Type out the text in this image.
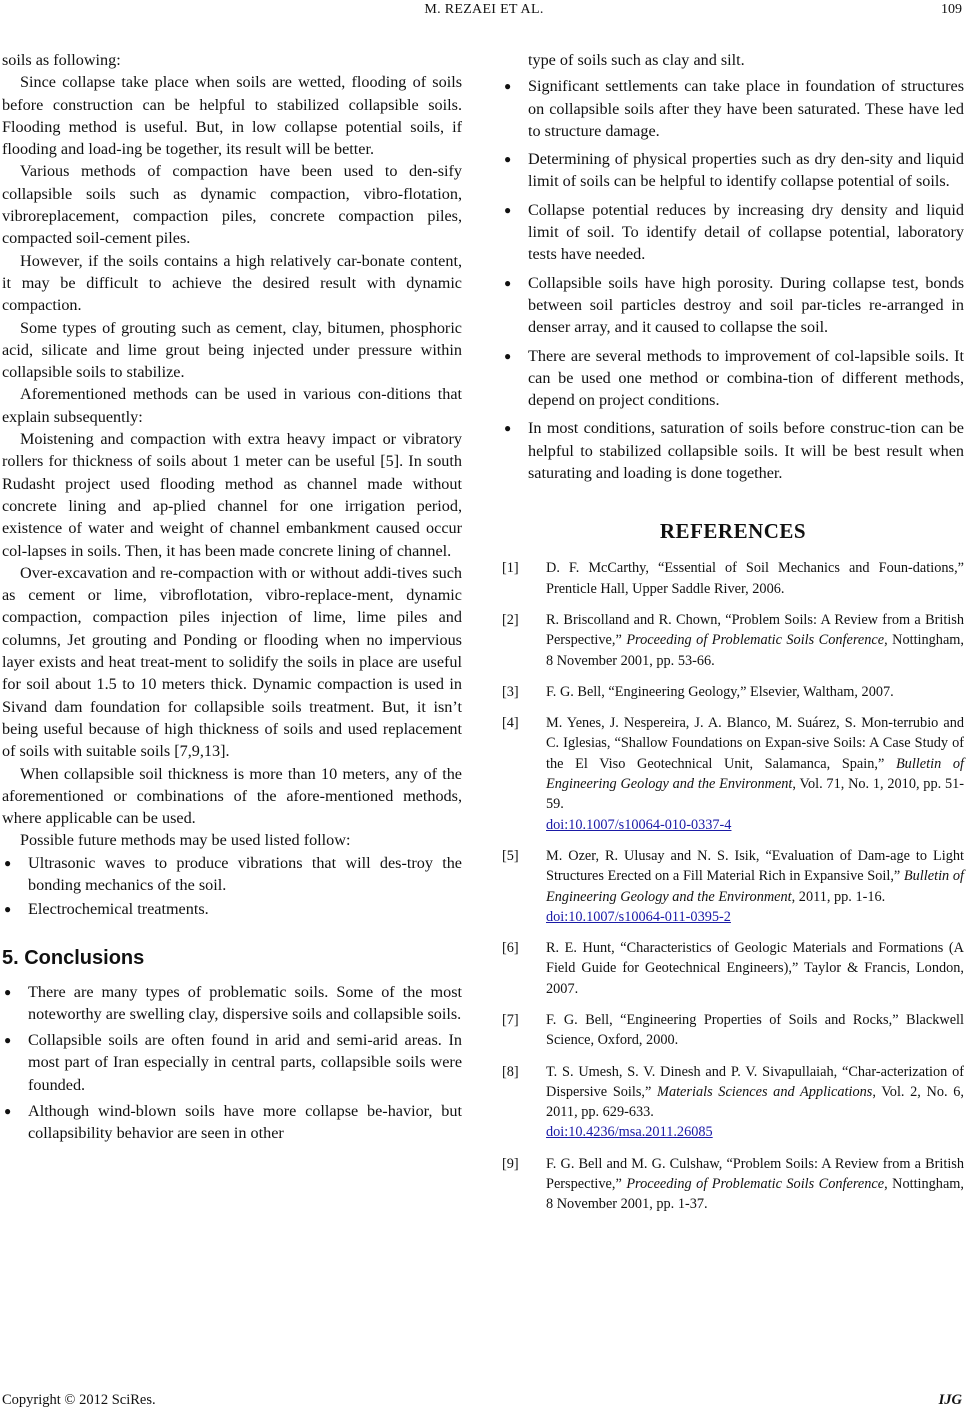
M. REZAEI ET AL.	109

soils as following:

Since collapse take place when soils are wetted, flooding of soils before construction can be helpful to stabilized collapsible soils. Flooding method is useful. But, in low collapse potential soils, if flooding and load-ing be together, its result will be better.

Various methods of compaction have been used to den-sify collapsible soils such as dynamic compaction, vibro-flotation, vibroreplacement, compaction piles, concrete compaction piles, compacted soil-cement piles.

However, if the soils contains a high relatively car-bonate content, it may be difficult to achieve the desired result with dynamic compaction.

Some types of grouting such as cement, clay, bitumen, phosphoric acid, silicate and lime grout being injected under pressure within collapsible soils to stabilize.

Aforementioned methods can be used in various con-ditions that explain subsequently:

Moistening and compaction with extra heavy impact or vibratory rollers for thickness of soils about 1 meter can be useful [5]. In south Rudasht project used flooding method as channel made without concrete lining and ap-plied channel for one irrigation period, existence of water and weight of channel embankment caused occur col-lapses in soils. Then, it has been made concrete lining of channel.

Over-excavation and re-compaction with or without addi-tives such as cement or lime, vibroflotation, vibro-replace-ment, dynamic compaction, compaction piles injection of lime, lime piles and columns, Jet grouting and Ponding or flooding when no impervious layer exists and heat treat-ment to solidify the soils in place are useful for soil about 1.5 to 10 meters thick. Dynamic compaction is used in Sivand dam foundation for collapsible soils treatment. But, it isn’t being useful because of high thickness of soils and used replacement of soils with suitable soils [7,9,13].

When collapsible soil thickness is more than 10 meters, any of the aforementioned or combinations of the afore-mentioned methods, where applicable can be used.

Possible future methods may be used listed follow:

● Ultrasonic waves to produce vibrations that will des-troy the bonding mechanics of the soil.
● Electrochemical treatments.
5. Conclusions
● There are many types of problematic soils. Some of the most noteworthy are swelling clay, dispersive soils and collapsible soils.
● Collapsible soils are often found in arid and semi-arid areas. In most part of Iran especially in central parts, collapsible soils were founded.
● Although wind-blown soils have more collapse be-havior, but collapsibility behavior are seen in other

type of soils such as clay and silt.

● Significant settlements can take place in foundation of structures on collapsible soils after they have been saturated. These have led to structure damage.
● Determining of physical properties such as dry den-sity and liquid limit of soils can be helpful to identify collapse potential of soils.
● Collapse potential reduces by increasing dry density and liquid limit of soil. To identify detail of collapse potential, laboratory tests have needed.
● Collapsible soils have high porosity. During collapse test, bonds between soil particles destroy and soil par-ticles re-arranged in denser array, and it caused to collapse the soil.
● There are several methods to improvement of col-lapsible soils. It can be used one method or combina-tion of different methods, depend on project conditions.
● In most conditions, saturation of soils before construc-tion can be helpful to stabilized collapsible soils. It will be best result when saturating and loading is done together.
REFERENCES
[1] D. F. McCarthy, “Essential of Soil Mechanics and Foun-dations,” Prenticle Hall, Upper Saddle River, 2006.
[2] R. Briscolland and R. Chown, “Problem Soils: A Review from a British Perspective,” Proceeding of Problematic Soils Conference, Nottingham, 8 November 2001, pp. 53-66.
[3] F. G. Bell, “Engineering Geology,” Elsevier, Waltham, 2007.
[4] M. Yenes, J. Nespereira, J. A. Blanco, M. Suárez, S. Mon-terrubio and C. Iglesias, “Shallow Foundations on Expan-sive Soils: A Case Study of the El Viso Geotechnical Unit, Salamanca, Spain,” Bulletin of Engineering Geology and the Environment, Vol. 71, No. 1, 2010, pp. 51-59.
doi:10.1007/s10064-010-0337-4
[5] M. Ozer, R. Ulusay and N. S. Isik, “Evaluation of Dam-age to Light Structures Erected on a Fill Material Rich in Expansive Soil,” Bulletin of Engineering Geology and the Environment, 2011, pp. 1-16.
doi:10.1007/s10064-011-0395-2
[6] R. E. Hunt, “Characteristics of Geologic Materials and Formations (A Field Guide for Geotechnical Engineers),” Taylor & Francis, London, 2007.
[7] F. G. Bell, “Engineering Properties of Soils and Rocks,” Blackwell Science, Oxford, 2000.
[8] T. S. Umesh, S. V. Dinesh and P. V. Sivapullaiah, “Char-acterization of Dispersive Soils,” Materials Sciences and Applications, Vol. 2, No. 6, 2011, pp. 629-633.
doi:10.4236/msa.2011.26085
[9] F. G. Bell and M. G. Culshaw, “Problem Soils: A Review from a British Perspective,” Proceeding of Problematic Soils Conference, Nottingham, 8 November 2001, pp. 1-37.
Copyright © 2012 SciRes.	IJG
